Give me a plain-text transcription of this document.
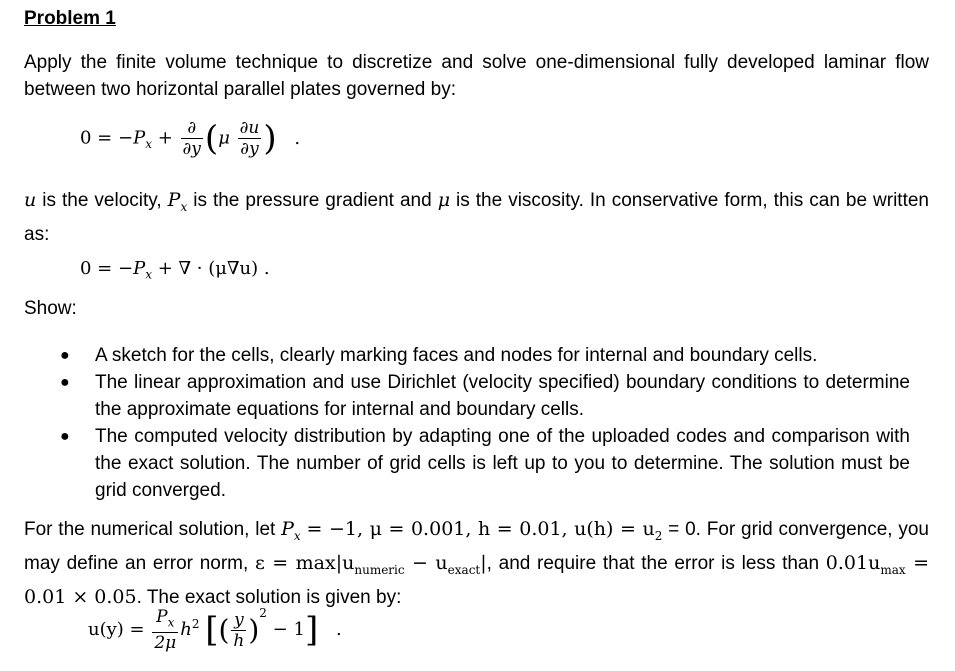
Problem 1
Apply the finite volume technique to discretize and solve one-dimensional fully developed laminar flow between two horizontal parallel plates governed by:
$0 = -P_x + \frac{\partial}{\partial y} (\mu \frac{\partial u}{\partial y}$ ) .
u is the velocity, $P_x$ is the pressure gradient and μ is the viscosity. In conservative form, this can be written as:
$0 = -P_x$ + ∇ · (μ∇u) .
Show:
● A sketch for the cells, clearly marking faces and nodes for internal and boundary cells.
● The linear approximation and use Dirichlet (velocity specified) boundary conditions to determine the approximate equations for internal and boundary cells.
● The computed velocity distribution by adapting one of the uploaded codes and comparison with the exact solution. The number of grid cells is left up to you to determine. The solution must be grid converged.
For the numerical solution, let $P_x = -1$, μ = 0.001, h = 0.01, $u(h) = u_2 = 0$. For grid convergence, you may define an error norm, $\varepsilon = \max|u_{numeric} - u_{exact}|$, and require that the error is less than $0.01u_{max} = 0.01 \times 0.05$. The exact solution is given by:
$u(y) = \frac{P_x}{2\mu} h^2$ [( $\frac{y}{h} )^2 - 1$] .
